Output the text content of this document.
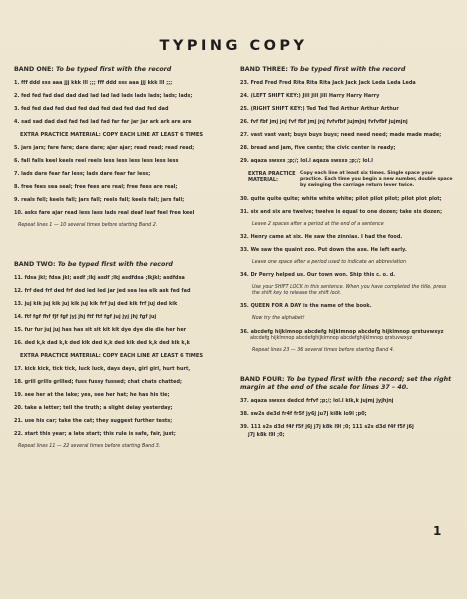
TYPING COPY
BAND ONE: To be typed first with the record
1. fff ddd sss aaa jjj kkk lll ;;; fff ddd sss aaa jjj kkk lll ;;;
2. fed fed fad dad dad dad lad lad lad lads lads lads; lads; lads;
3. fed fed dad fed dad fed dad fed dad fed dad fed dad
4. sad sad dad dad fad fad lad fad far far jar jar ark ark are are
EXTRA PRACTICE MATERIAL: COPY EACH LINE AT LEAST 6 TIMES
5. jars jars; fare fare; dare dare; ajar ajar; read read; read read;
6. fall falls keel keels reel reels less less less less less less
7. lads dare fear far less; lads dare fear far less;
8. free fees sea seal; free fees are real; free fees are real;
9. reals fell; keels fall; jars fall; reels fall; keels fall; jars fall;
10. asks fare ajar read less lass lads real deaf leaf feel free keel
Repeat lines 1 — 10 several times before starting Band 2.
BAND TWO: To be typed first with the record
11. fdsa jkl; fdsa jkl; asdf ;lkj asdf ;lkj asdfdsa ;lkjkl; asdfdsa
12. frf ded frf ded frf ded led led jar jed sea lea elk ask fed fad
13. juj kik juj kik juj kik juj kik frf juj ded kik frf juj ded kik
14. ftf fgf fhf fjf fgf jyj jhj ftf ftf fgf juj jyj jhj fgf juj
15. fur fur juj juj has has sit sit kit kit dye dye die die her her
16. ded k,k dad k,k ded kik ded k,k ded kik ded k,k ded kik k,k
EXTRA PRACTICE MATERIAL: COPY EACH LINE AT LEAST 6 TIMES
17. kick kick, tick tick, luck luck, days days, girl girl, hurt hurt,
18. grill grills grilled; fuss fussy fussed; chat chats chatted;
19. see her at the lake; yes, see her hat; he has his tie;
20. take a letter; tell the truth; a slight delay yesterday;
21. use his car; take the cat; they suggest further tests;
22. start this year; a late start; this rule is safe, fair, just;
Repeat lines 11 — 22 several times before starting Band 3.
BAND THREE: To be typed first with the record
23. Fred Fred Fred Rita Rita Rita Jack Jack Jack Leda Leda Leda
24. (LEFT SHIFT KEY:) Jill Jill Jill Harry Harry Harry
25. (RIGHT SHIFT KEY:) Ted Ted Ted Arthur Arthur Arthur
26. fvf fbf jmj jnj fvf fbf jmj jnj fvfvfbf jujmjnj fvfvfbf jujmjnj
27. vast vast vast; buys buys buys; need need need; made made made;
28. bread and jam, five cents; the civic center is ready;
29. aqaza swsxs ;p;/; lol.l aqaza swsxs ;p;/; lol.l
EXTRA PRACTICE MATERIAL:
Copy each line at least six times. Single space your practice. Each time you begin a new number, double space by swinging the carriage return lever twice.
30. quite quite quite; white white white; pilot pilot pilot; pilot plot plot;
31. six and six are twelve; twelve is equal to one dozen; take six dozen;
Leave 2 spaces after a period at the end of a sentence
32. Henry came at six. He saw the zinnias. I had the food.
33. We saw the quaint zoo. Put down the axe. He left early.
Leave one space after a period used to indicate an abbreviation
34. Dr Perry helped us. Our town won. Ship this c. o. d.
Use your SHIFT LOCK in this sentence. When you have completed the title, press the shift key to release the shift lock.
35. QUEEN FOR A DAY is the name of the book.
Now try the alphabet!
36. abcdefg hijklmnop abcdefg hijklmnop abcdefg hijklmnop qrstuvwxyz
abcdefg hijklmnop abcdefghijklmnop abcdefghijklmnop qrstuvwxyz
Repeat lines 23 — 36 several times before starting Band 4.
BAND FOUR: To be typed first with the record; set the right margin at the end of the scale for lines 37 – 40.
37. aqaza swsxs dedcd frfvf ;p;/; lol.l kik,k jujmj jyjhjnj
38. sw2s de3d fr4f fr5f jy6j ju7j ki8k lo9l ;p0;
39. 111 s2s d3d f4f f5f j6j j7j k8k l9l ;0; 111 s2s d3d f4f f5f j6j
j7j k8k l9l ;0;
1
